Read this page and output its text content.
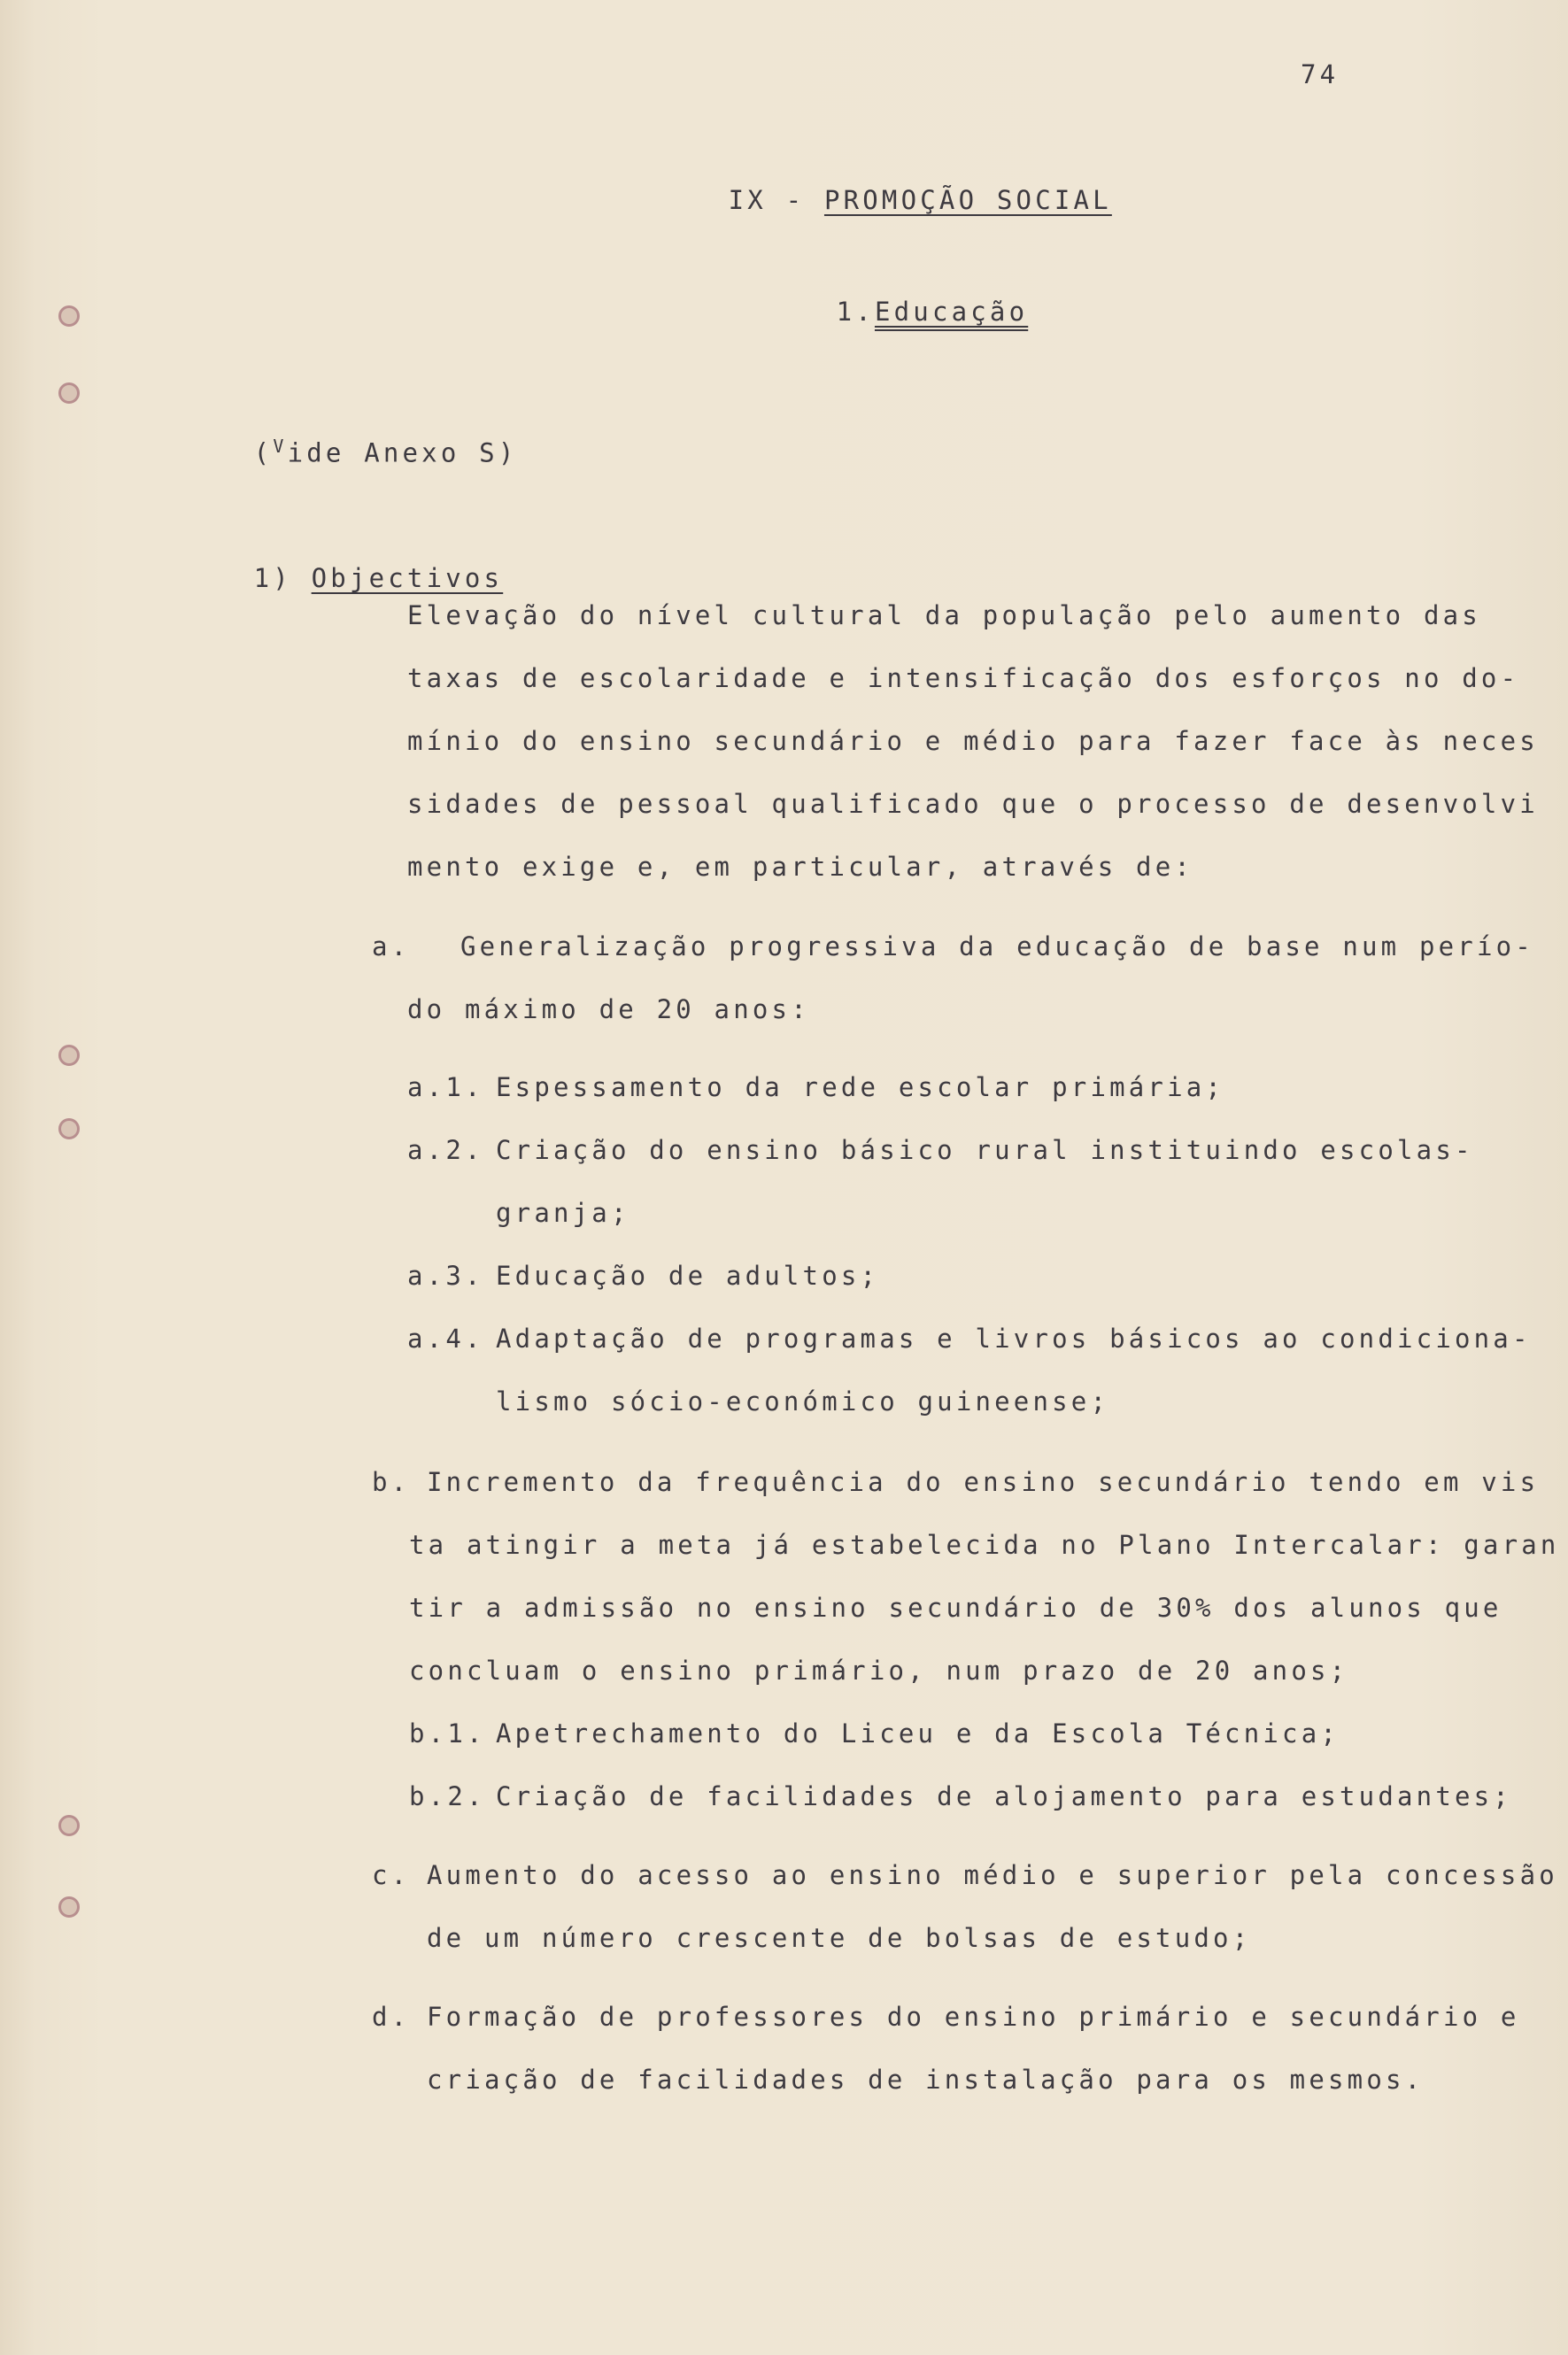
74

IX - PROMOÇÃO SOCIAL

1.Educação

($^V$ide Anexo S)

1) Objectivos

Elevação do nível cultural da população pelo aumento das
taxas de escolaridade e intensificação dos esforços no do-
mínio do ensino secundário e médio para fazer face às neces
sidades de pessoal qualificado que o processo de desenvolvi
mento exige e, em particular, através de:
a. Generalização progressiva da educação de base num perío-
do máximo de 20 anos:
a.1. Espessamento da rede escolar primária;
a.2. Criação do ensino básico rural instituindo escolas-
granja;
a.3. Educação de adultos;
a.4. Adaptação de programas e livros básicos ao condiciona-
lismo sócio-económico guineense;
b. Incremento da frequência do ensino secundário tendo em vis
ta atingir a meta já estabelecida no Plano Intercalar: garan
tir a admissão no ensino secundário de 30% dos alunos que
concluam o ensino primário, num prazo de 20 anos;
b.1. Apetrechamento do Liceu e da Escola Técnica;
b.2. Criação de facilidades de alojamento para estudantes;
c. Aumento do acesso ao ensino médio e superior pela concessão
de um número crescente de bolsas de estudo;
d. Formação de professores do ensino primário e secundário e
criação de facilidades de instalação para os mesmos.
